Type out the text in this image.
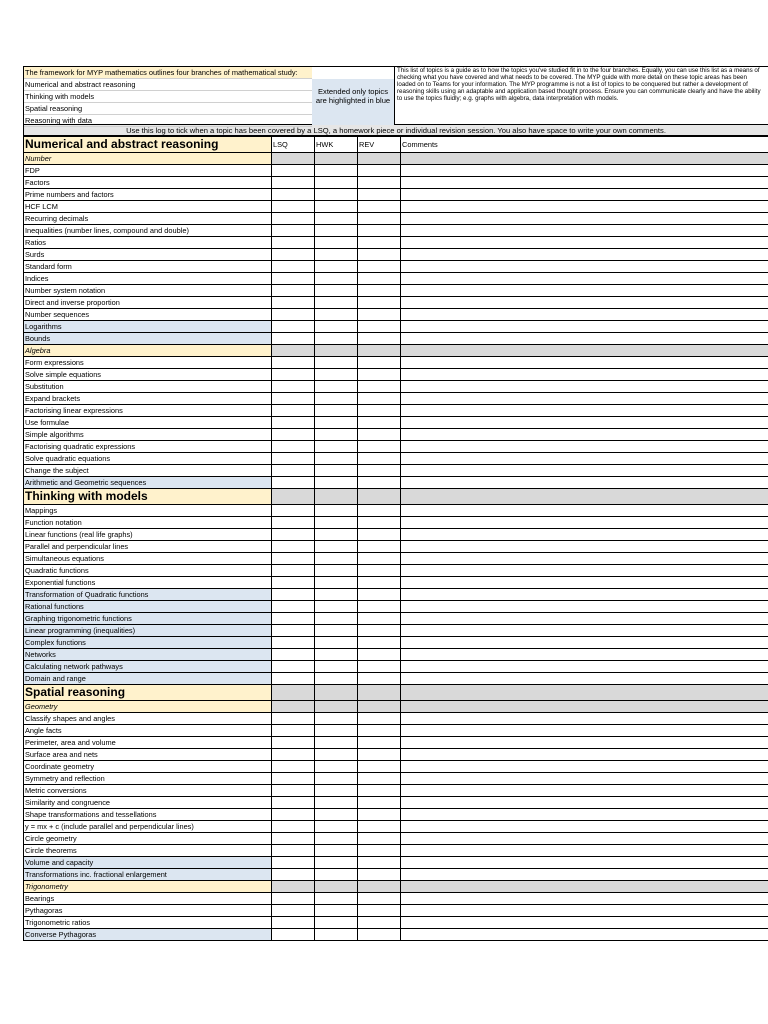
The framework for MYP mathematics outlines four branches of mathematical study:
Numerical and abstract reasoning
Thinking with models
Spatial reasoning
Reasoning with data
Extended only topics are highlighted in blue
This list of topics is a guide as to how the topics you've studied fit in to the four branches. Equally, you can use this list as a means of checking what you have covered and what needs to be covered. The MYP guide with more detail on these topic areas has been loaded on to Teams for your information. The MYP programme is not a list of topics to be conquered but rather a development of reasoning skills using an adaptable and application based thought process. Ensure you can communicate clearly and have the ability to use the topics fluidly; e.g. graphs with algebra, data interpretation with models.
Use this log to tick when a topic has been covered by a LSQ, a homework piece or individual revision session. You also have space to write your own comments.
Numerical and abstract reasoning	LSQ	HWK	REV	Comments
Number				
FDP				
Factors				
Prime numbers and factors				
HCF LCM				
Recurring decimals				
Inequalities (number lines, compound and double)				
Ratios				
Surds				
Standard form				
Indices				
Number system notation				
Direct and inverse proportion				
Number sequences				
Logarithms				
Bounds				
Algebra				
Form expressions				
Solve simple equations				
Substitution				
Expand brackets				
Factorising linear expressions				
Use formulae				
Simple algorithms				
Factorising quadratic expressions				
Solve quadratic equations				
Change the subject				
Arithmetic and Geometric sequences				
Thinking with models				
Mappings				
Function notation				
Linear functions (real life graphs)				
Parallel and perpendicular lines				
Simultaneous equations				
Quadratic functions				
Exponential functions				
Transformation of Quadratic functions				
Rational functions				
Graphing trigonometric functions				
Linear programming (inequalities)				
Complex functions				
Networks				
Calculating network pathways				
Domain and range				
Spatial reasoning				
Geometry				
Classify shapes and angles				
Angle facts				
Perimeter, area and volume				
Surface area and nets				
Coordinate geometry				
Symmetry and reflection				
Metric conversions				
Similarity and congruence				
Shape transformations and tessellations				
y = mx + c (include parallel and perpendicular lines)				
Circle geometry				
Circle theorems				
Volume and capacity				
Transformations inc. fractional enlargement				
Trigonometry				
Bearings				
Pythagoras				
Trigonometric ratios				
Converse Pythagoras				
